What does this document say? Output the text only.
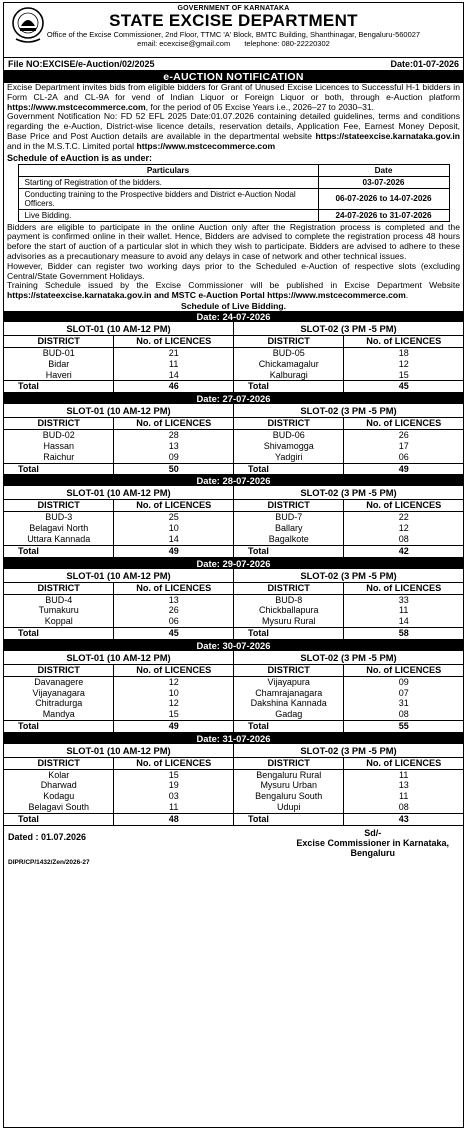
GOVERNMENT OF KARNATAKA
STATE EXCISE DEPARTMENT
Office of the Excise Commissioner, 2nd Floor, TTMC 'A' Block, BMTC Building, Shanthinagar, Bengaluru-560027
email: ecexcise@gmail.com telephone: 080-22220302
File NO:EXCISE/e-Auction/02/2025	Date:01-07-2026
e-AUCTION NOTIFICATION
Excise Department invites bids from eligible bidders for Grant of Unused Excise Licences to Successful H-1 bidders in Form CL-2A and CL-9A for vend of Indian Liquor or Foreign Liquor or both, through e-Auction platform https://www.mstcecommerce.com, for the period of 05 Excise Years i.e., 2026–27 to 2030–31.
Government Notification No: FD 52 EFL 2025 Date:01.07.2026 containing detailed guidelines, terms and conditions regarding the e-Auction, District-wise licence details, reservation details, Application Fee, Earnest Money Deposit, Base Price and Post Auction details are available in the departmental website https://stateexcise.karnataka.gov.in and in the M.S.T.C. Limited portal https://www.mstcecommerce.com
Schedule of eAuction is as under:
Particulars	Date
Starting of Registration of the bidders.	03-07-2026
Conducting training to the Prospective bidders and District e-Auction Nodal Officers.	06-07-2026 to 14-07-2026
Live Bidding.	24-07-2026 to 31-07-2026
Bidders are eligible to participate in the online Auction only after the Registration process is completed and the payment is confirmed online in their wallet. Hence, Bidders are advised to complete the registration process 48 hours before the start of auction of a particular slot in which they wish to participate. Bidders are advised to adhere to these advisories as a precautionary measure to avoid any delays in case of network and other technical issues.
However, Bidder can register two working days prior to the Scheduled e-Auction of respective slots (excluding Central/State Government Holidays.
Training Schedule issued by the Excise Commissioner will be published in Excise Department Website https://stateexcise.karnataka.gov.in and MSTC e-Auction Portal https://www.mstcecommerce.com.
Schedule of Live Bidding.
Date: 24-07-2026
SLOT-01 (10 AM-12 PM)
DISTRICT	No. of LICENCES
BUD-01	21
Bidar	11
Haveri	14
Total	46
SLOT-02 (3 PM -5 PM)
DISTRICT	No. of LICENCES
BUD-05	18
Chickamagalur	12
Kalburagi	15
Total	45
Date: 27-07-2026
SLOT-01 (10 AM-12 PM)
DISTRICT	No. of LICENCES
BUD-02	28
Hassan	13
Raichur	09
Total	50
SLOT-02 (3 PM -5 PM)
DISTRICT	No. of LICENCES
BUD-06	26
Shivamogga	17
Yadgiri	06
Total	49
Date: 28-07-2026
SLOT-01 (10 AM-12 PM)
DISTRICT	No. of LICENCES
BUD-3	25
Belagavi North	10
Uttara Kannada	14
Total	49
SLOT-02 (3 PM -5 PM)
DISTRICT	No. of LICENCES
BUD-7	22
Ballary	12
Bagalkote	08
Total	42
Date: 29-07-2026
SLOT-01 (10 AM-12 PM)
DISTRICT	No. of LICENCES
BUD-4	13
Tumakuru	26
Koppal	06
Total	45
SLOT-02 (3 PM -5 PM)
DISTRICT	No. of LICENCES
BUD-8	33
Chickballapura	11
Mysuru Rural	14
Total	58
Date: 30-07-2026
SLOT-01 (10 AM-12 PM)
DISTRICT	No. of LICENCES
Davanagere	12
Vijayanagara	10
Chitradurga	12
Mandya	15
Total	49
SLOT-02 (3 PM -5 PM)
DISTRICT	No. of LICENCES
Vijayapura	09
Chamrajanagara	07
Dakshina Kannada	31
Gadag	08
Total	55
Date: 31-07-2026
SLOT-01 (10 AM-12 PM)
DISTRICT	No. of LICENCES
Kolar	15
Dharwad	19
Kodagu	03
Belagavi South	11
Total	48
SLOT-02 (3 PM -5 PM)
DISTRICT	No. of LICENCES
Bengaluru Rural	11
Mysuru Urban	13
Bengaluru South	11
Udupi	08
Total	43
Dated : 01.07.2026	Sd/-
Excise Commissioner in Karnataka,
Bengaluru
DIPR/CP/1432/Zen/2026-27
